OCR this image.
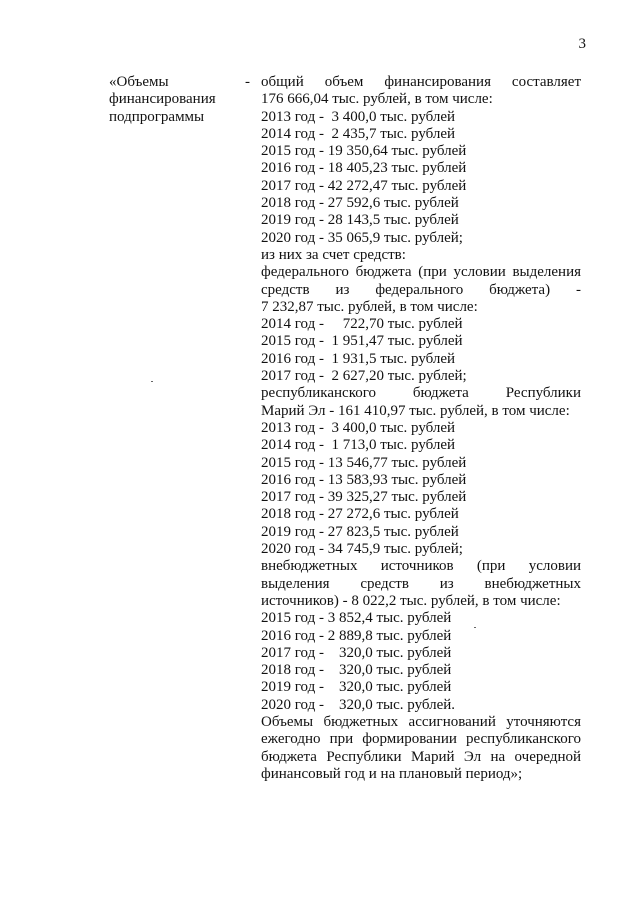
3
«Объемы
финансирования
подпрограммы
- общий объем финансирования составляет
176 666,04 тыс. рублей, в том числе:
2013 год -  3 400,0 тыс. рублей
2014 год -  2 435,7 тыс. рублей
2015 год - 19 350,64 тыс. рублей
2016 год - 18 405,23 тыс. рублей
2017 год - 42 272,47 тыс. рублей
2018 год - 27 592,6 тыс. рублей
2019 год - 28 143,5 тыс. рублей
2020 год - 35 065,9 тыс. рублей;
из них за счет средств:
федерального бюджета (при условии выделения
средств из федерального бюджета) -
7 232,87 тыс. рублей, в том числе:
2014 год -     722,70 тыс. рублей
2015 год -  1 951,47 тыс. рублей
2016 год -  1 931,5 тыс. рублей
2017 год -  2 627,20 тыс. рублей;
республиканского бюджета Республики
Марий Эл - 161 410,97 тыс. рублей, в том числе:
2013 год -  3 400,0 тыс. рублей
2014 год -  1 713,0 тыс. рублей
2015 год - 13 546,77 тыс. рублей
2016 год - 13 583,93 тыс. рублей
2017 год - 39 325,27 тыс. рублей
2018 год - 27 272,6 тыс. рублей
2019 год - 27 823,5 тыс. рублей
2020 год - 34 745,9 тыс. рублей;
внебюджетных источников (при условии
выделения средств из внебюджетных
источников) - 8 022,2 тыс. рублей, в том числе:
2015 год - 3 852,4 тыс. рублей
2016 год - 2 889,8 тыс. рублей
2017 год -    320,0 тыс. рублей
2018 год -    320,0 тыс. рублей
2019 год -    320,0 тыс. рублей
2020 год -    320,0 тыс. рублей.
Объемы бюджетных ассигнований уточняются ежегодно при формировании республиканского бюджета Республики Марий Эл на очередной финансовый год и на плановый период»;
